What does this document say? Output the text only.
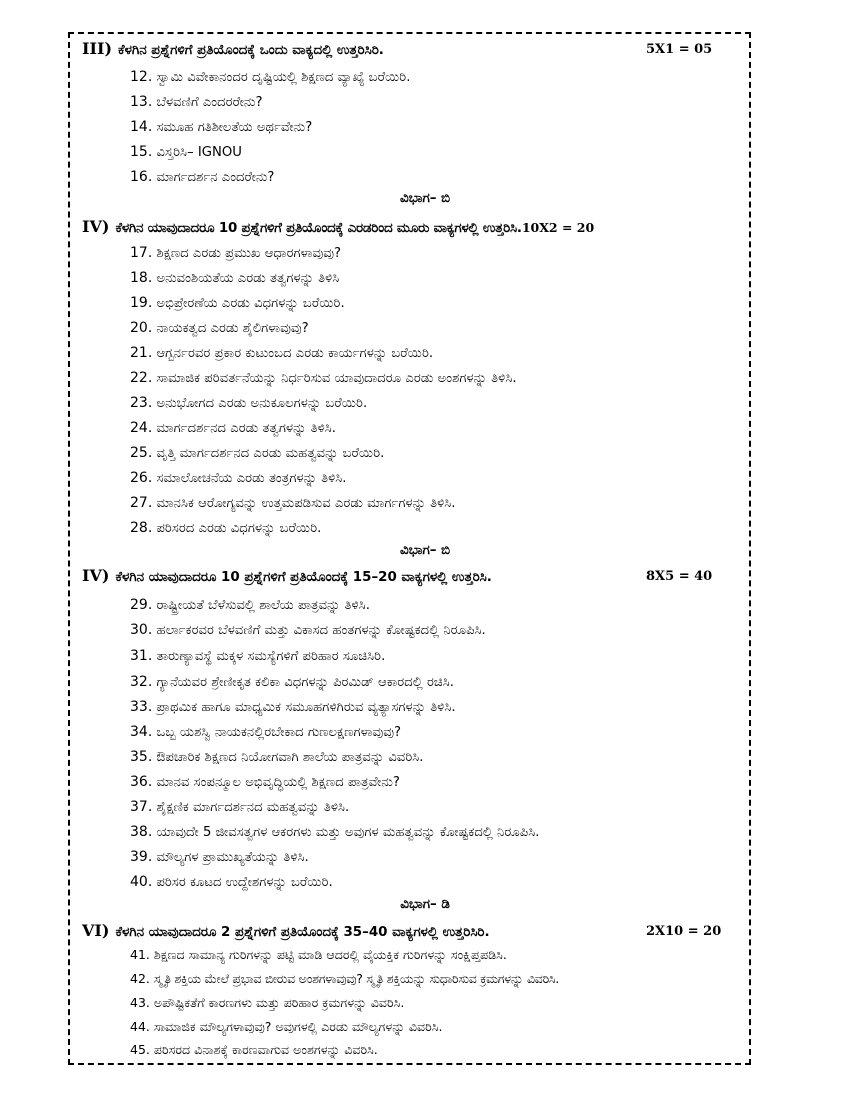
III) ಕೆಳಗಿನ ಪ್ರಶ್ನೆಗಳಿಗೆ ಪ್ರತಿಯೊಂದಕ್ಕೆ ಒಂದು ವಾಕ್ಯದಲ್ಲಿ ಉತ್ತರಿಸಿರಿ.	5X1 = 05
12. ಸ್ವಾಮಿ ವಿವೇಕಾನಂದರ ದೃಷ್ಟಿಯಲ್ಲಿ ಶಿಕ್ಷಣದ ವ್ಯಾಖ್ಯೆ ಬರೆಯಿರಿ.
13. ಬೆಳವಣಿಗೆ ಎಂದರರೇನು?
14. ಸಮೂಹ ಗತಿಶೀಲತೆಯ ಅರ್ಥವೇನು?
15. ವಿಸ್ತರಿಸಿ– IGNOU
16. ಮಾರ್ಗದರ್ಶನ ಎಂದರೇನು?
ವಿಭಾಗ– ಬಿ
IV) ಕೆಳಗಿನ ಯಾವುದಾದರೂ 10 ಪ್ರಶ್ನೆಗಳಿಗೆ ಪ್ರತಿಯೊಂದಕ್ಕೆ ಎರಡರಿಂದ ಮೂರು ವಾಕ್ಯಗಳಲ್ಲಿ ಉತ್ತರಿಸಿ.10X2 = 20
17. ಶಿಕ್ಷಣದ ಎರಡು ಪ್ರಮುಖ ಆಧಾರಗಳಾವುವು?
18. ಅನುವಂಶಿಯತೆಯ ಎರಡು ತತ್ವಗಳನ್ನು ತಿಳಿಸಿ
19. ಅಭಿಪ್ರೇರಣೆಯ ಎರಡು ವಿಧಗಳನ್ನು ಬರೆಯಿರಿ.
20. ನಾಯಕತ್ವದ ಎರಡು ಶೈಲಿಗಳಾವುವು?
21. ಆಗ್ಬರ್ನರವರ ಪ್ರಕಾರ ಕುಟುಂಬದ ಎರಡು ಕಾರ್ಯಗಳನ್ನು ಬರೆಯಿರಿ.
22. ಸಾಮಾಜಿಕ ಪರಿವರ್ತನೆಯನ್ನು ನಿರ್ಧರಿಸುವ ಯಾವುದಾದರೂ ಎರಡು ಅಂಶಗಳನ್ನು ತಿಳಿಸಿ.
23. ಅನುಭೋಗದ ಎರಡು ಅನುಕೂಲಗಳನ್ನು ಬರೆಯಿರಿ.
24. ಮಾರ್ಗದರ್ಶನದ ಎರಡು ತತ್ವಗಳನ್ನು ತಿಳಿಸಿ.
25. ವೃತ್ತಿ ಮಾರ್ಗದರ್ಶನದ ಎರಡು ಮಹತ್ವವನ್ನು ಬರೆಯಿರಿ.
26. ಸಮಾಲೋಚನೆಯ ಎರಡು ತಂತ್ರಗಳನ್ನು ತಿಳಿಸಿ.
27. ಮಾನಸಿಕ ಆರೋಗ್ಯವನ್ನು ಉತ್ತಮಪಡಿಸುವ ಎರಡು ಮಾರ್ಗಗಳನ್ನು ತಿಳಿಸಿ.
28. ಪರಿಸರದ ಎರಡು ವಿಧಗಳನ್ನು ಬರೆಯಿರಿ.
ವಿಭಾಗ– ಬಿ
IV) ಕೆಳಗಿನ ಯಾವುದಾದರೂ 10 ಪ್ರಶ್ನೆಗಳಿಗೆ ಪ್ರತಿಯೊಂದಕ್ಕೆ 15–20 ವಾಕ್ಯಗಳಲ್ಲಿ ಉತ್ತರಿಸಿ.	8X5 = 40
29. ರಾಷ್ಟ್ರೀಯತೆ ಬೆಳೆಸುವಲ್ಲಿ ಶಾಲೆಯ ಪಾತ್ರವನ್ನು ತಿಳಿಸಿ.
30. ಹರ್ಲಾಕರವರ ಬೆಳವಣಿಗೆ ಮತ್ತು ವಿಕಾಸದ ಹಂತಗಳನ್ನು ಕೋಷ್ಟಕದಲ್ಲಿ ನಿರೂಪಿಸಿ.
31. ತಾರುಣ್ಯಾವಸ್ಥೆ ಮಕ್ಕಳ ಸಮಸ್ಯೆಗಳಿಗೆ ಪರಿಹಾರ ಸೂಚಿಸಿರಿ.
32. ಗ್ಯಾನೆಯವರ ಶ್ರೇಣೀಕೃತ ಕಲಿಕಾ ವಿಧಗಳನ್ನು ಪಿರಮಿಡ್ ಆಕಾರದಲ್ಲಿ ರಚಿಸಿ.
33. ಪ್ರಾಥಮಿಕ ಹಾಗೂ ಮಾಧ್ಯಮಿಕ ಸಮೂಹಗಳಿಗಿರುವ ವ್ಯತ್ಯಾಸಗಳನ್ನು ತಿಳಿಸಿ.
34. ಒಬ್ಬ ಯಶಸ್ವಿ ನಾಯಕನಲ್ಲಿರಬೇಕಾದ ಗುಣಲಕ್ಷಣಗಳಾವುವು?
35. ಔಪಚಾರಿಕ ಶಿಕ್ಷಣದ ನಿಯೋಗವಾಗಿ ಶಾಲೆಯ ಪಾತ್ರವನ್ನು ವಿವರಿಸಿ.
36. ಮಾನವ ಸಂಪನ್ಮೂಲ ಅಭಿವೃದ್ಧಿಯಲ್ಲಿ ಶಿಕ್ಷಣದ ಪಾತ್ರವೇನು?
37. ಶೈಕ್ಷಣಿಕ ಮಾರ್ಗದರ್ಶನದ ಮಹತ್ವವನ್ನು ತಿಳಿಸಿ.
38. ಯಾವುದೇ 5 ಜೀವಸತ್ವಗಳ ಆಕರಗಳು ಮತ್ತು ಅವುಗಳ ಮಹತ್ವವನ್ನು ಕೋಷ್ಟಕದಲ್ಲಿ ನಿರೂಪಿಸಿ.
39. ಮೌಲ್ಯಗಳ ಪ್ರಾಮುಖ್ಯತೆಯನ್ನು ತಿಳಿಸಿ.
40. ಪರಿಸರ ಕೂಟದ ಉದ್ದೇಶಗಳನ್ನು ಬರೆಯಿರಿ.
ವಿಭಾಗ– ಡಿ
VI) ಕೆಳಗಿನ ಯಾವುದಾದರೂ 2 ಪ್ರಶ್ನೆಗಳಿಗೆ ಪ್ರತಿಯೊಂದಕ್ಕೆ 35–40 ವಾಕ್ಯಗಳಲ್ಲಿ ಉತ್ತರಿಸಿರಿ.	2X10 = 20
41. ಶಿಕ್ಷಣದ ಸಾಮಾನ್ಯ ಗುರಿಗಳನ್ನು ಪಟ್ಟಿ ಮಾಡಿ ಆದರಲ್ಲಿ ವೈಯಕ್ತಿಕ ಗುರಿಗಳನ್ನು ಸಂಕ್ಷಿಪ್ತಪಡಿಸಿ.
42. ಸ್ಮೃತಿ ಶಕ್ತಿಯ ಮೇಲೆ ಪ್ರಭಾವ ಬೀರುವ ಅಂಶಗಳಾವುವು? ಸ್ಮೃತಿ ಶಕ್ತಿಯನ್ನು ಸುಧಾರಿಸುವ ಕ್ರಮಗಳನ್ನು ವಿವರಿಸಿ.
43. ಅಪೌಷ್ಟಿಕತೆಗೆ ಕಾರಣಗಳು ಮತ್ತು ಪರಿಹಾರ ಕ್ರಮಗಳನ್ನು ವಿವರಿಸಿ.
44. ಸಾಮಾಜಿಕ ಮೌಲ್ಯಗಳಾವುವು? ಅವುಗಳಲ್ಲಿ ಎರಡು ಮೌಲ್ಯಗಳನ್ನು ವಿವರಿಸಿ.
45. ಪರಿಸರದ ವಿನಾಶಕ್ಕೆ ಕಾರಣವಾಗುವ ಅಂಶಗಳನ್ನು ವಿವರಿಸಿ.
